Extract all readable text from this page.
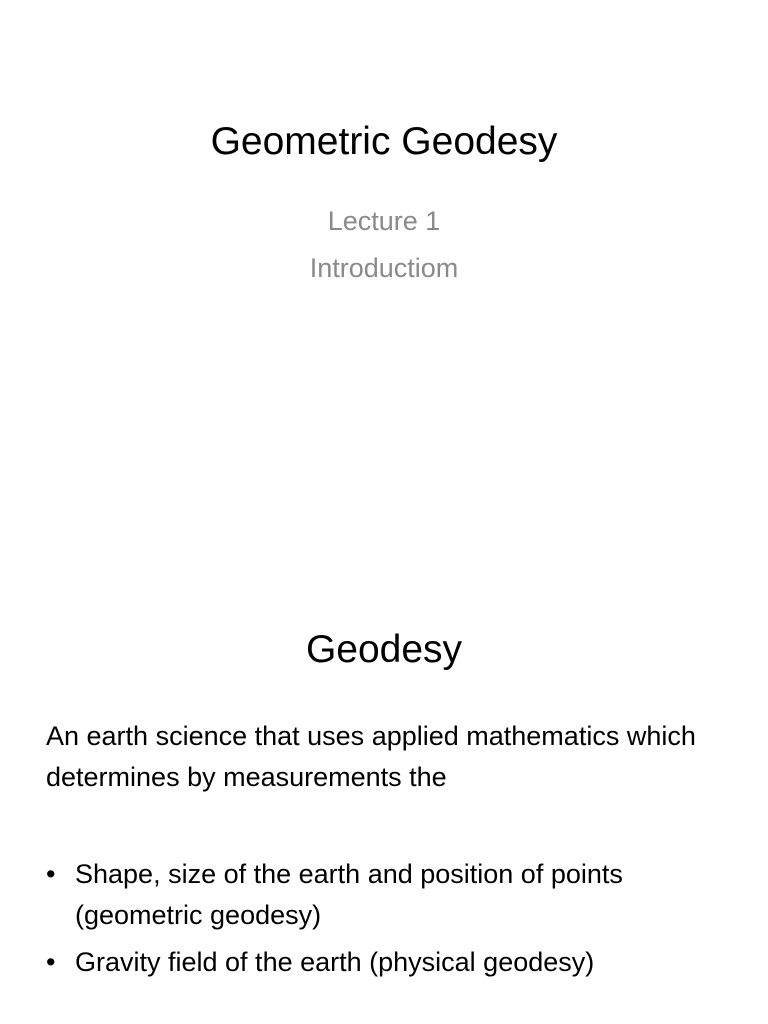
Geometric Geodesy
Lecture 1
Introductiom
Geodesy

An earth science that uses applied mathematics which determines by measurements the

• Shape, size of the earth and position of points (geometric geodesy)
• Gravity field of the earth (physical geodesy)
